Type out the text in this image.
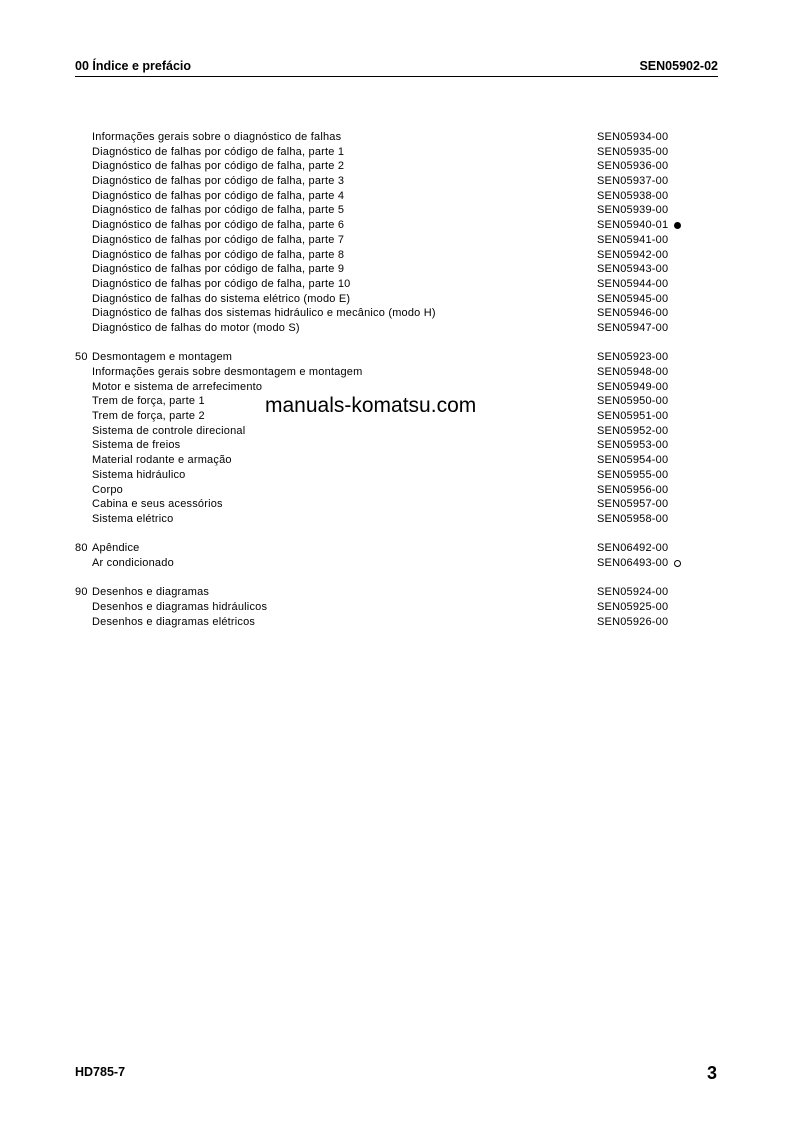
00 Índice e prefácio	SEN05902-02
Informações gerais sobre o diagnóstico de falhas	SEN05934-00
Diagnóstico de falhas por código de falha, parte 1	SEN05935-00
Diagnóstico de falhas por código de falha, parte 2	SEN05936-00
Diagnóstico de falhas por código de falha, parte 3	SEN05937-00
Diagnóstico de falhas por código de falha, parte 4	SEN05938-00
Diagnóstico de falhas por código de falha, parte 5	SEN05939-00
Diagnóstico de falhas por código de falha, parte 6	SEN05940-01
Diagnóstico de falhas por código de falha, parte 7	SEN05941-00
Diagnóstico de falhas por código de falha, parte 8	SEN05942-00
Diagnóstico de falhas por código de falha, parte 9	SEN05943-00
Diagnóstico de falhas por código de falha, parte 10	SEN05944-00
Diagnóstico de falhas do sistema elétrico (modo E)	SEN05945-00
Diagnóstico de falhas dos sistemas hidráulico e mecânico (modo H)	SEN05946-00
Diagnóstico de falhas do motor (modo S)	SEN05947-00
50 Desmontagem e montagem	SEN05923-00
Informações gerais sobre desmontagem e montagem	SEN05948-00
Motor e sistema de arrefecimento	SEN05949-00
Trem de força, parte 1	SEN05950-00
Trem de força, parte 2	SEN05951-00
Sistema de controle direcional	SEN05952-00
Sistema de freios	SEN05953-00
Material rodante e armação	SEN05954-00
Sistema hidráulico	SEN05955-00
Corpo	SEN05956-00
Cabina e seus acessórios	SEN05957-00
Sistema elétrico	SEN05958-00
80 Apêndice	SEN06492-00
Ar condicionado	SEN06493-00
90 Desenhos e diagramas	SEN05924-00
Desenhos e diagramas hidráulicos	SEN05925-00
Desenhos e diagramas elétricos	SEN05926-00
manuals-komatsu.com
HD785-7	3
